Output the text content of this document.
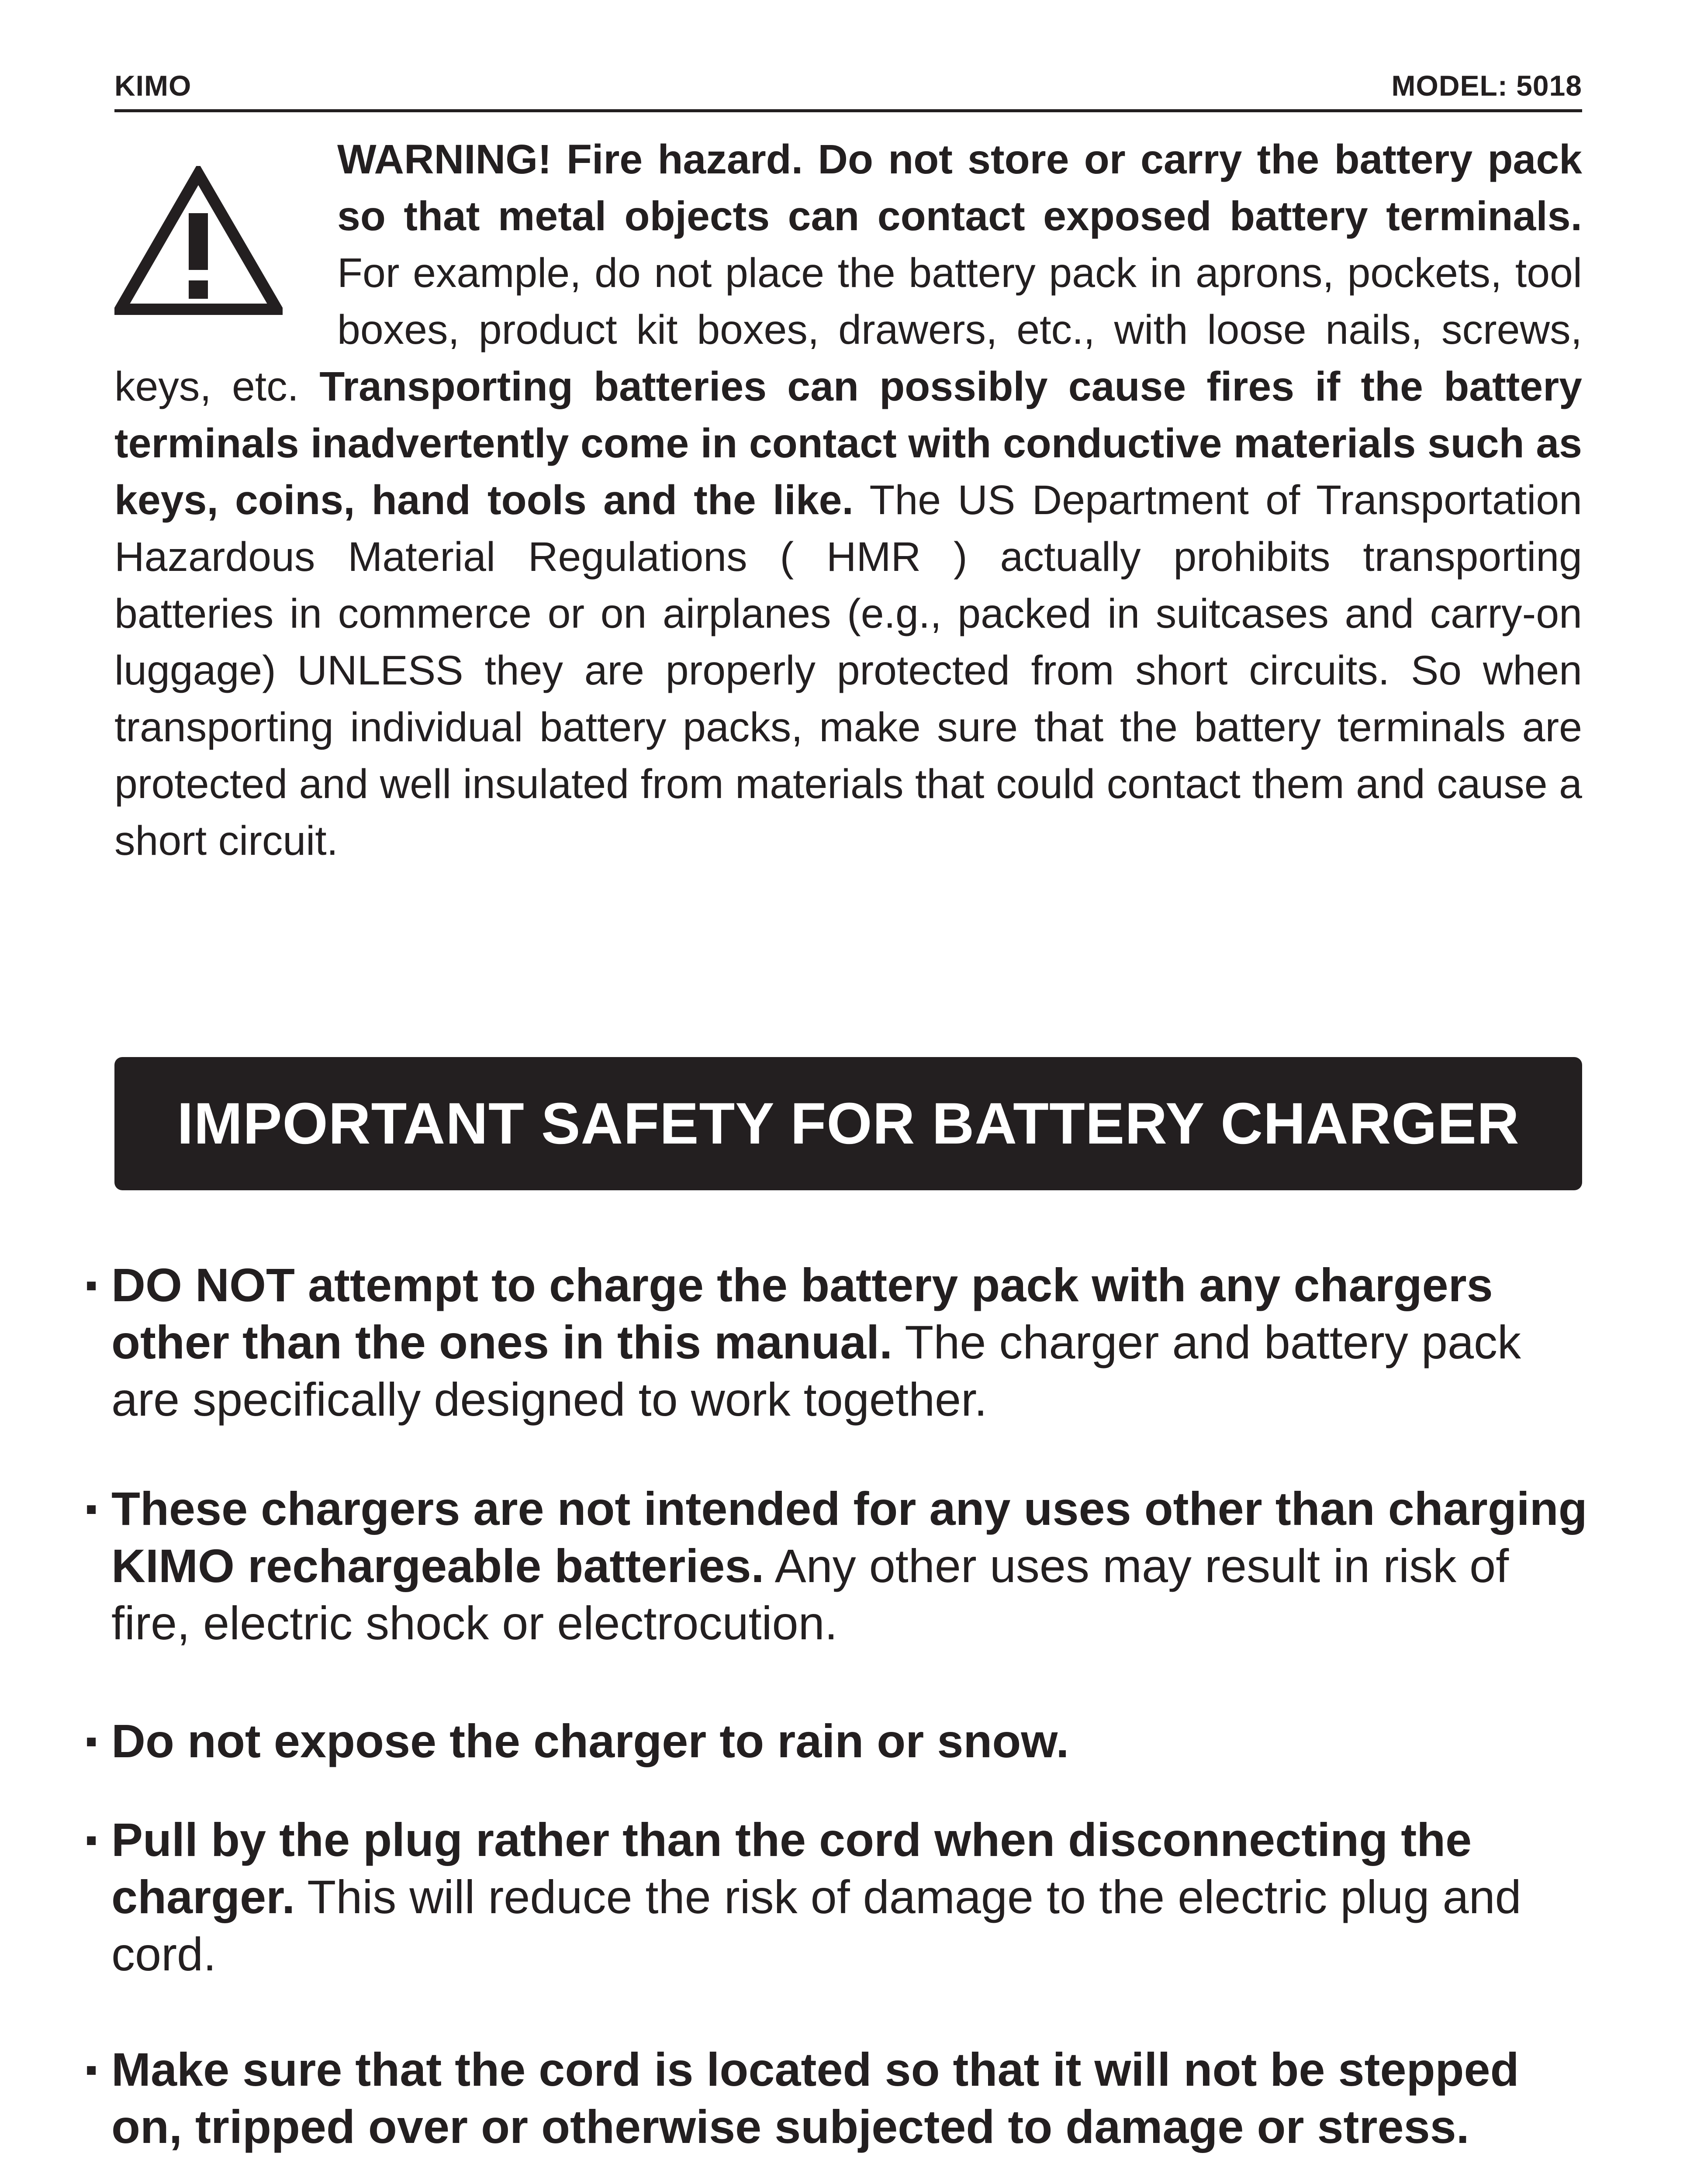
KIMO	MODEL: 5018
WARNING! Fire hazard. Do not store or carry the battery pack so that metal objects can contact exposed battery terminals. For example, do not place the battery pack in aprons, pockets, tool boxes, product kit boxes, drawers, etc., with loose nails, screws, keys, etc. Transporting batteries can possibly cause fires if the battery terminals inadvertently come in contact with conductive materials such as keys, coins, hand tools and the like. The US Department of Transportation Hazardous Material Regulations ( HMR ) actually prohibits transporting batteries in commerce or on airplanes (e.g., packed in suitcases and carry-on luggage) UNLESS they are properly protected from short circuits. So when transporting individual battery packs, make sure that the battery terminals are protected and well insulated from materials that could contact them and cause a short circuit.
IMPORTANT SAFETY FOR BATTERY CHARGER
▪ DO NOT attempt to charge the battery pack with any chargers other than the ones in this manual. The charger and battery pack are specifically designed to work together.
▪ These chargers are not intended for any uses other than charging KIMO rechargeable batteries. Any other uses may result in risk of fire, electric shock or electrocution.
▪ Do not expose the charger to rain or snow.
▪ Pull by the plug rather than the cord when disconnecting the charger. This will reduce the risk of damage to the electric plug and cord.
▪ Make sure that the cord is located so that it will not be stepped on, tripped over or otherwise subjected to damage or stress.
